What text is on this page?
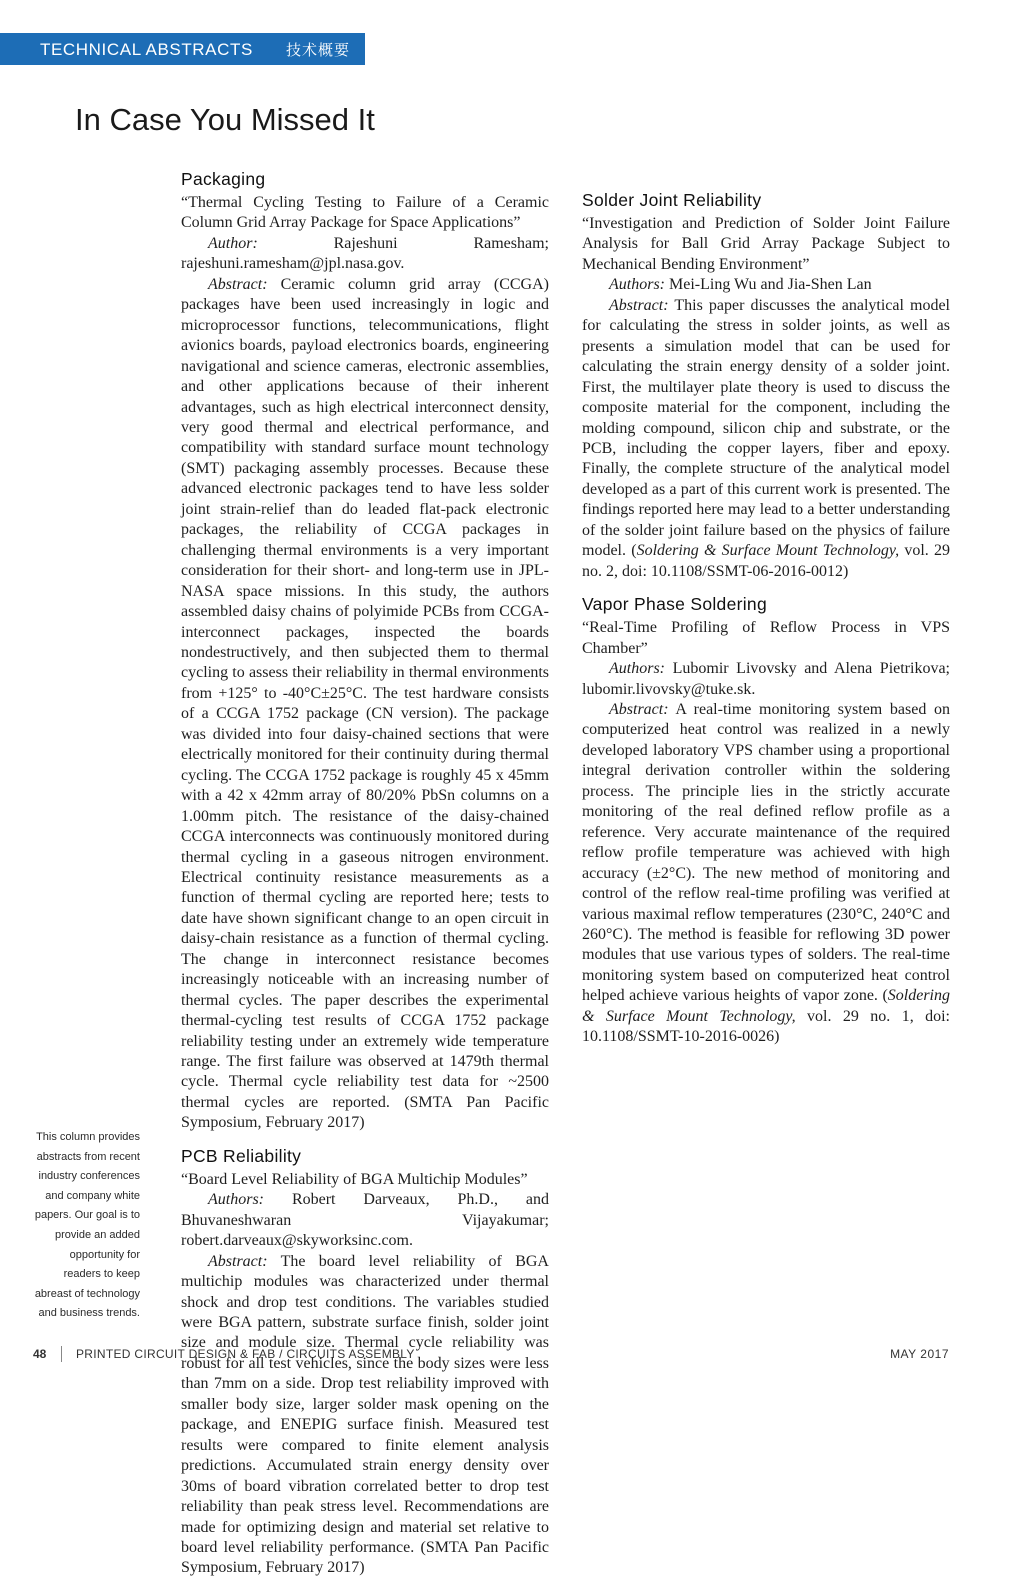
TECHNICAL ABSTRACTS 技术概要
In Case You Missed It
Packaging

“Thermal Cycling Testing to Failure of a Ceramic Column Grid Array Package for Space Applications”

Author:	Rajeshuni Ramesham; rajeshuni.ramesham@jpl.nasa.gov.

Abstract: Ceramic column grid array (CCGA) packages have been used increasingly in logic and microprocessor functions, telecommunications, flight avionics boards, payload electronics boards, engineering navigational and science cameras, electronic assemblies, and other applications because of their inherent advantages, such as high electrical interconnect density, very good thermal and electrical performance, and compatibility with standard surface mount technology (SMT) packaging assembly processes. Because these advanced electronic packages tend to have less solder joint strain-relief than do leaded flat-pack electronic packages, the reliability of CCGA packages in challenging thermal environments is a very important consideration for their short- and long-term use in JPL-NASA space missions. In this study, the authors assembled daisy chains of polyimide PCBs from CCGA-interconnect packages, inspected the boards nondestructively, and then subjected them to thermal cycling to assess their reliability in thermal environments from +125° to -40°C±25°C. The test hardware consists of a CCGA 1752 package (CN version). The package was divided into four daisy-chained sections that were electrically monitored for their continuity during thermal cycling. The CCGA 1752 package is roughly 45 x 45mm with a 42 x 42mm array of 80/20% PbSn columns on a 1.00mm pitch. The resistance of the daisy-chained CCGA interconnects was continuously monitored during thermal cycling in a gaseous nitrogen environment. Electrical continuity resistance measurements as a function of thermal cycling are reported here; tests to date have shown significant change to an open circuit in daisy-chain resistance as a function of thermal cycling. The change in interconnect resistance becomes increasingly noticeable with an increasing number of thermal cycles. The paper describes the experimental thermal-cycling test results of CCGA 1752 package reliability testing under an extremely wide temperature range. The first failure was observed at 1479th thermal cycle. Thermal cycle reliability test data for ~2500 thermal cycles are reported. (SMTA Pan Pacific Symposium, February 2017)

PCB Reliability

“Board Level Reliability of BGA Multichip Modules”

Authors: Robert Darveaux, Ph.D., and Bhuvaneshwaran Vijayakumar; robert.darveaux@skyworksinc.com.

Abstract: The board level reliability of BGA multichip modules was characterized under thermal shock and drop test conditions. The variables studied were BGA pattern, substrate surface finish, solder joint size and module size. Thermal cycle reliability was robust for all test vehicles, since the body sizes were less than 7mm on a side. Drop test reliability improved with smaller body size, larger solder mask opening on the package, and ENEPIG surface finish. Measured test results were compared to finite element analysis predictions. Accumulated strain energy density over 30ms of board vibration correlated better to drop test reliability than peak stress level. Recommendations are made for optimizing design and material set relative to board level reliability performance. (SMTA Pan Pacific Symposium, February 2017)

Solder Joint Reliability

“Investigation and Prediction of Solder Joint Failure Analysis for Ball Grid Array Package Subject to Mechanical Bending Environment”

Authors: Mei-Ling Wu and Jia-Shen Lan

Abstract: This paper discusses the analytical model for calculating the stress in solder joints, as well as presents a simulation model that can be used for calculating the strain energy density of a solder joint. First, the multilayer plate theory is used to discuss the composite material for the component, including the molding compound, silicon chip and substrate, or the PCB, including the copper layers, fiber and epoxy. Finally, the complete structure of the analytical model developed as a part of this current work is presented. The findings reported here may lead to a better understanding of the solder joint failure based on the physics of failure model. (Soldering & Surface Mount Technology, vol. 29 no. 2, doi: 10.1108/SSMT-06-2016-0012)

Vapor Phase Soldering

“Real-Time Profiling of Reflow Process in VPS Chamber”

Authors: Lubomir Livovsky and Alena Pietrikova; lubomir.livovsky@tuke.sk.

Abstract: A real-time monitoring system based on computerized heat control was realized in a newly developed laboratory VPS chamber using a proportional integral derivation controller within the soldering process. The principle lies in the strictly accurate monitoring of the real defined reflow profile as a reference. Very accurate maintenance of the required reflow profile temperature was achieved with high accuracy (±2°C). The new method of monitoring and control of the reflow real-time profiling was verified at various maximal reflow temperatures (230°C, 240°C and 260°C). The method is feasible for reflowing 3D power modules that use various types of solders. The real-time monitoring system based on computerized heat control helped achieve various heights of vapor zone. (Soldering & Surface Mount Technology, vol. 29 no. 1, doi: 10.1108/SSMT-10-2016-0026)

This column provides abstracts from recent industry conferences and company white papers. Our goal is to provide an added opportunity for readers to keep abreast of technology and business trends.
48 PRINTED CIRCUIT DESIGN & FAB / CIRCUITS ASSEMBLY	MAY 2017
